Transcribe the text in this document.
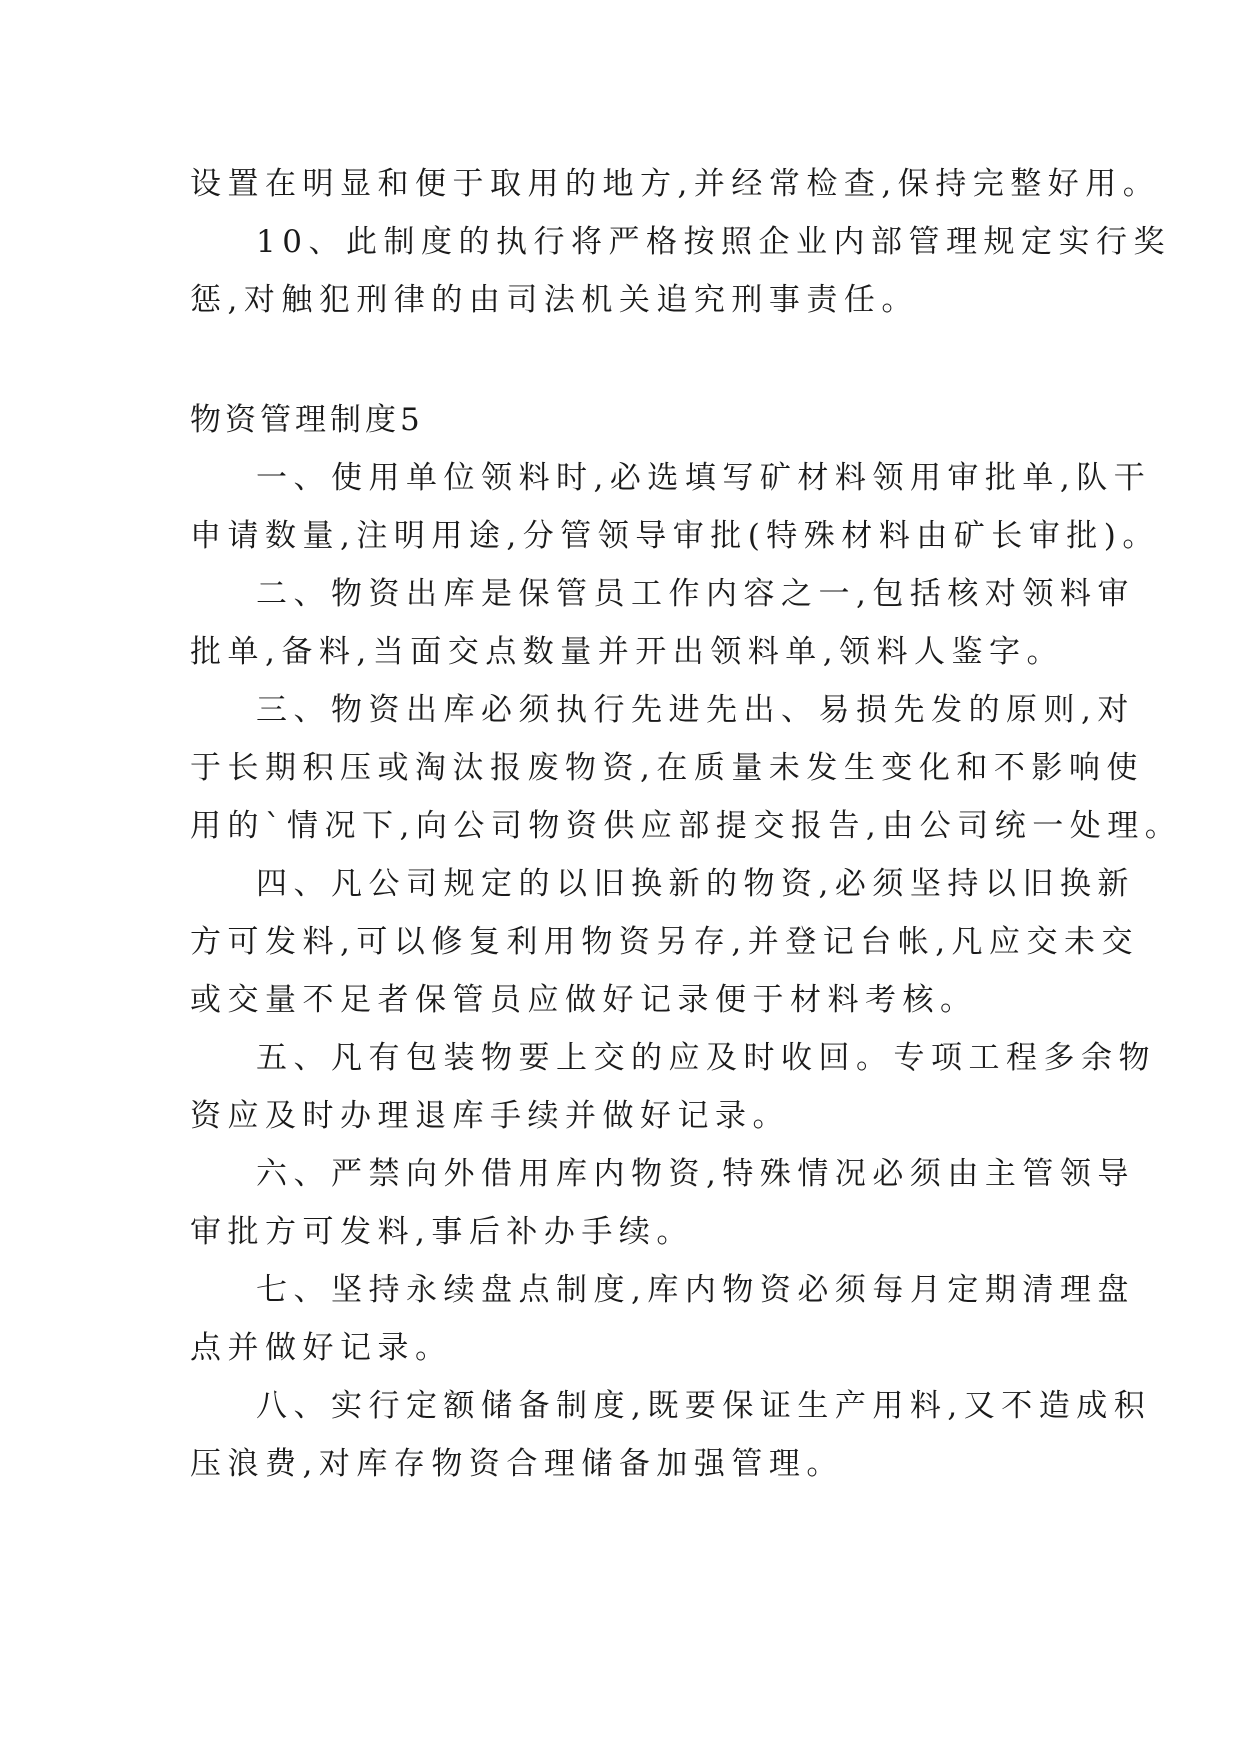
设置在明显和便于取用的地方,并经常检查,保持完整好用。
10、此制度的执行将严格按照企业内部管理规定实行奖
惩,对触犯刑律的由司法机关追究刑事责任。
物资管理制度5
一、使用单位领料时,必选填写矿材料领用审批单,队干
申请数量,注明用途,分管领导审批(特殊材料由矿长审批)。
二、物资出库是保管员工作内容之一,包括核对领料审
批单,备料,当面交点数量并开出领料单,领料人鉴字。
三、物资出库必须执行先进先出、易损先发的原则,对
于长期积压或淘汰报废物资,在质量未发生变化和不影响使
用的`情况下,向公司物资供应部提交报告,由公司统一处理。
四、凡公司规定的以旧换新的物资,必须坚持以旧换新
方可发料,可以修复利用物资另存,并登记台帐,凡应交未交
或交量不足者保管员应做好记录便于材料考核。
五、凡有包装物要上交的应及时收回。专项工程多余物
资应及时办理退库手续并做好记录。
六、严禁向外借用库内物资,特殊情况必须由主管领导
审批方可发料,事后补办手续。
七、坚持永续盘点制度,库内物资必须每月定期清理盘
点并做好记录。
八、实行定额储备制度,既要保证生产用料,又不造成积
压浪费,对库存物资合理储备加强管理。
